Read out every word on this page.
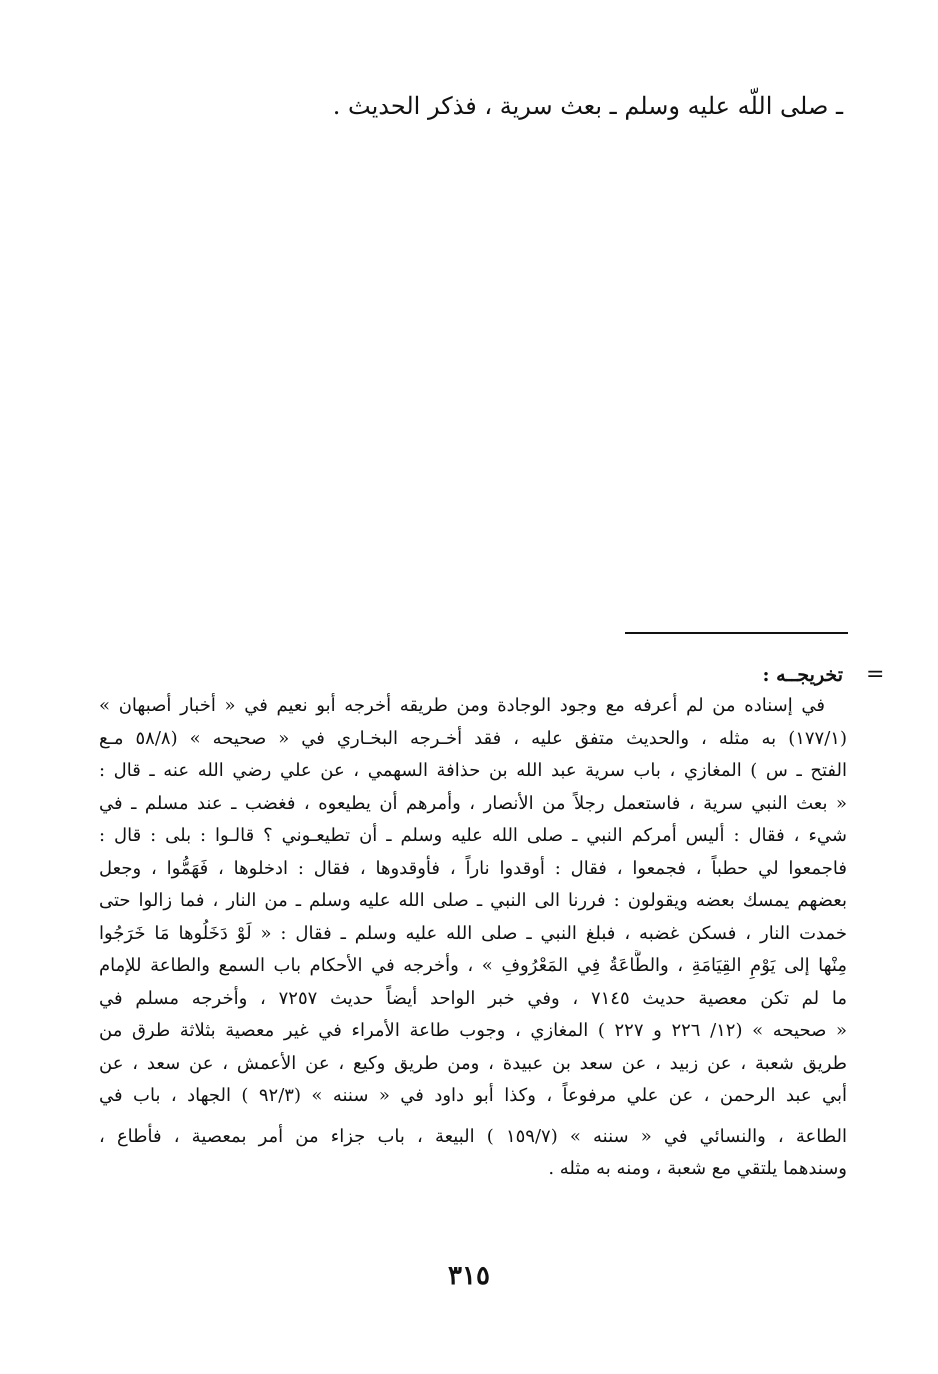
ـ صلى اللّه عليه وسلم ـ بعث سرية ، فذكر الحديث .
=
تخريجــه :
في إسناده من لم أعرفه مع وجود الوجادة ومن طريقه أخرجه أبو نعيم في « أخبار أصبهان »
(١٧٧/١) به مثله ، والحديث متفق عليه ، فقد أخـرجه البخـاري في « صحيحه » (٥٨/٨ مـع
الفتح ـ س ) المغازي ، باب سرية عبد الله بن حذافة السهمي ، عن علي رضي الله عنه ـ قال :
« بعث النبي سرية ، فاستعمل رجلاً من الأنصار ، وأمرهم أن يطيعوه ، فغضب ـ عند مسلم ـ في
شيء ، فقال : أليس أمركم النبي ـ صلى الله عليه وسلم ـ أن تطيعـوني ؟ قالـوا : بلى : قال :
فاجمعوا لي حطباً ، فجمعوا ، فقال : أوقدوا ناراً ، فأوقدوها ، فقال : ادخلوها ، فَهَمُّوا ، وجعل
بعضهم يمسك بعضه ويقولون : فررنا الى النبي ـ صلى الله عليه وسلم ـ من النار ، فما زالوا حتى
خمدت النار ، فسكن غضبه ، فبلغ النبي ـ صلى الله عليه وسلم ـ فقال : « لَوْ دَخَلُوها مَا خَرَجُوا
مِنْها إلى يَوْمِ القِيَامَةِ ، والطَّاعَةُ فِي المَعْرُوفِ » ، وأخرجه في الأحكام باب السمع والطاعة للإمام
ما لم تكن معصية حديث ٧١٤٥ ، وفي خبر الواحد أيضاً حديث ٧٢٥٧ ، وأخرجه مسلم في
« صحيحه » (١٢/ ٢٢٦ و ٢٢٧ ) المغازي ، وجوب طاعة الأمراء في غير معصية بثلاثة طرق من
طريق شعبة ، عن زبيد ، عن سعد بن عبيدة ، ومن طريق وكيع ، عن الأعمش ، عن سعد ، عن
أبي عبد الرحمن ، عن علي مرفوعاً ، وكذا أبو داود في « سننه » (٩٢/٣ ) الجهاد ، باب في
الطاعة ، والنسائي في « سننه » (١٥٩/٧ ) البيعة ، باب جزاء من أمر بمعصية ، فأطاع ،
وسندهما يلتقي مع شعبة ، ومنه به مثله .
٣١٥
